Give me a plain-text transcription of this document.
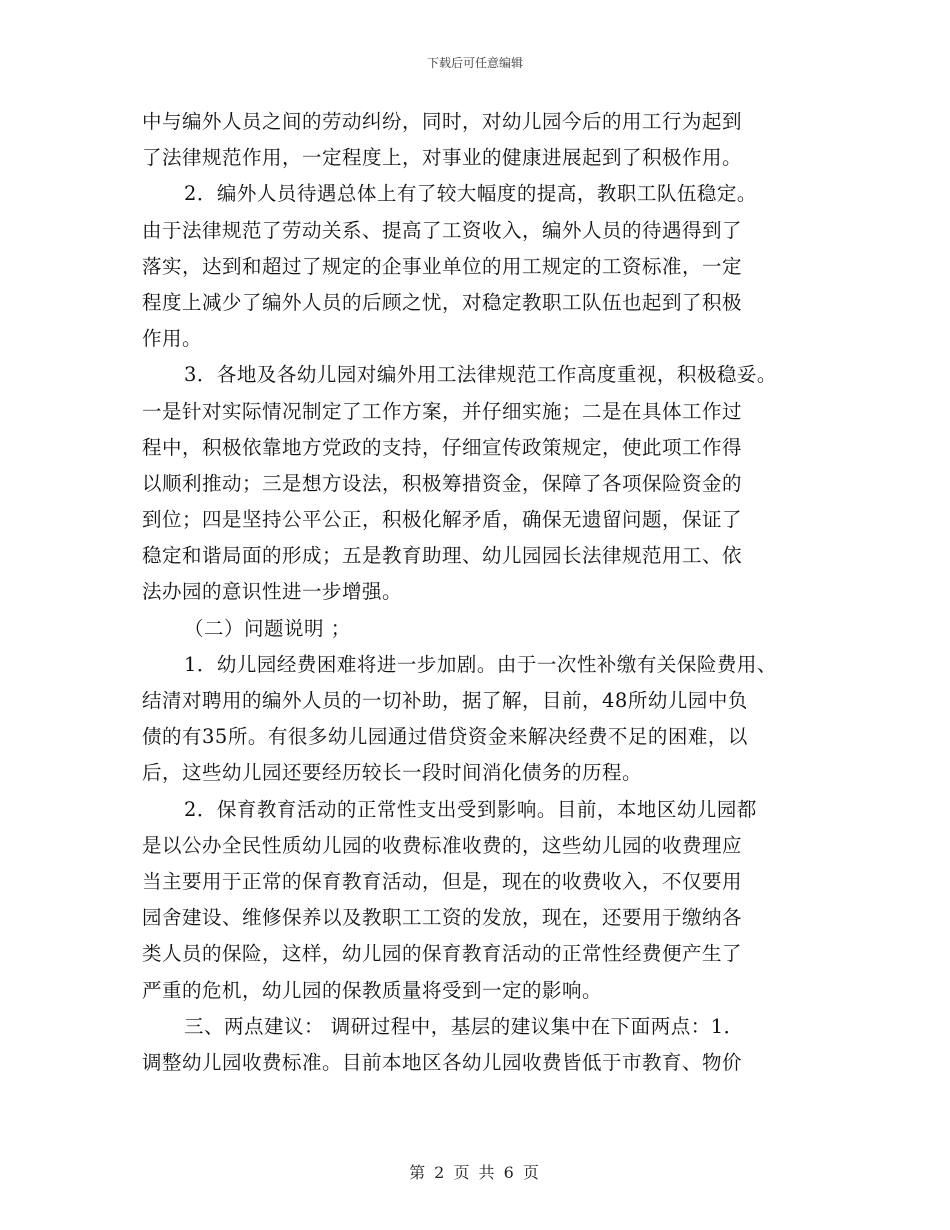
下载后可任意编辑
中与编外人员之间的劳动纠纷，同时，对幼儿园今后的用工行为起到
了法律规范作用，一定程度上，对事业的健康进展起到了积极作用。
2．编外人员待遇总体上有了较大幅度的提高，教职工队伍稳定。
由于法律规范了劳动关系、提高了工资收入，编外人员的待遇得到了
落实，达到和超过了规定的企事业单位的用工规定的工资标准，一定
程度上减少了编外人员的后顾之忧，对稳定教职工队伍也起到了积极
作用。
3．各地及各幼儿园对编外用工法律规范工作高度重视，积极稳妥。
一是针对实际情况制定了工作方案，并仔细实施；二是在具体工作过
程中，积极依靠地方党政的支持，仔细宣传政策规定，使此项工作得
以顺利推动；三是想方设法，积极筹措资金，保障了各项保险资金的
到位；四是坚持公平公正，积极化解矛盾，确保无遗留问题，保证了
稳定和谐局面的形成；五是教育助理、幼儿园园长法律规范用工、依
法办园的意识性进一步增强。
（二）问题说明 ；
1．幼儿园经费困难将进一步加剧。由于一次性补缴有关保险费用、
结清对聘用的编外人员的一切补助，据了解，目前，48所幼儿园中负
债的有35所。有很多幼儿园通过借贷资金来解决经费不足的困难，以
后，这些幼儿园还要经历较长一段时间消化债务的历程。
2．保育教育活动的正常性支出受到影响。目前，本地区幼儿园都
是以公办全民性质幼儿园的收费标准收费的，这些幼儿园的收费理应
当主要用于正常的保育教育活动，但是，现在的收费收入，不仅要用
园舍建设、维修保养以及教职工工资的发放，现在，还要用于缴纳各
类人员的保险，这样，幼儿园的保育教育活动的正常性经费便产生了
严重的危机，幼儿园的保教质量将受到一定的影响。
三、两点建议： 调研过程中，基层的建议集中在下面两点：1．
调整幼儿园收费标准。目前本地区各幼儿园收费皆低于市教育、物价
第 2 页 共 6 页
